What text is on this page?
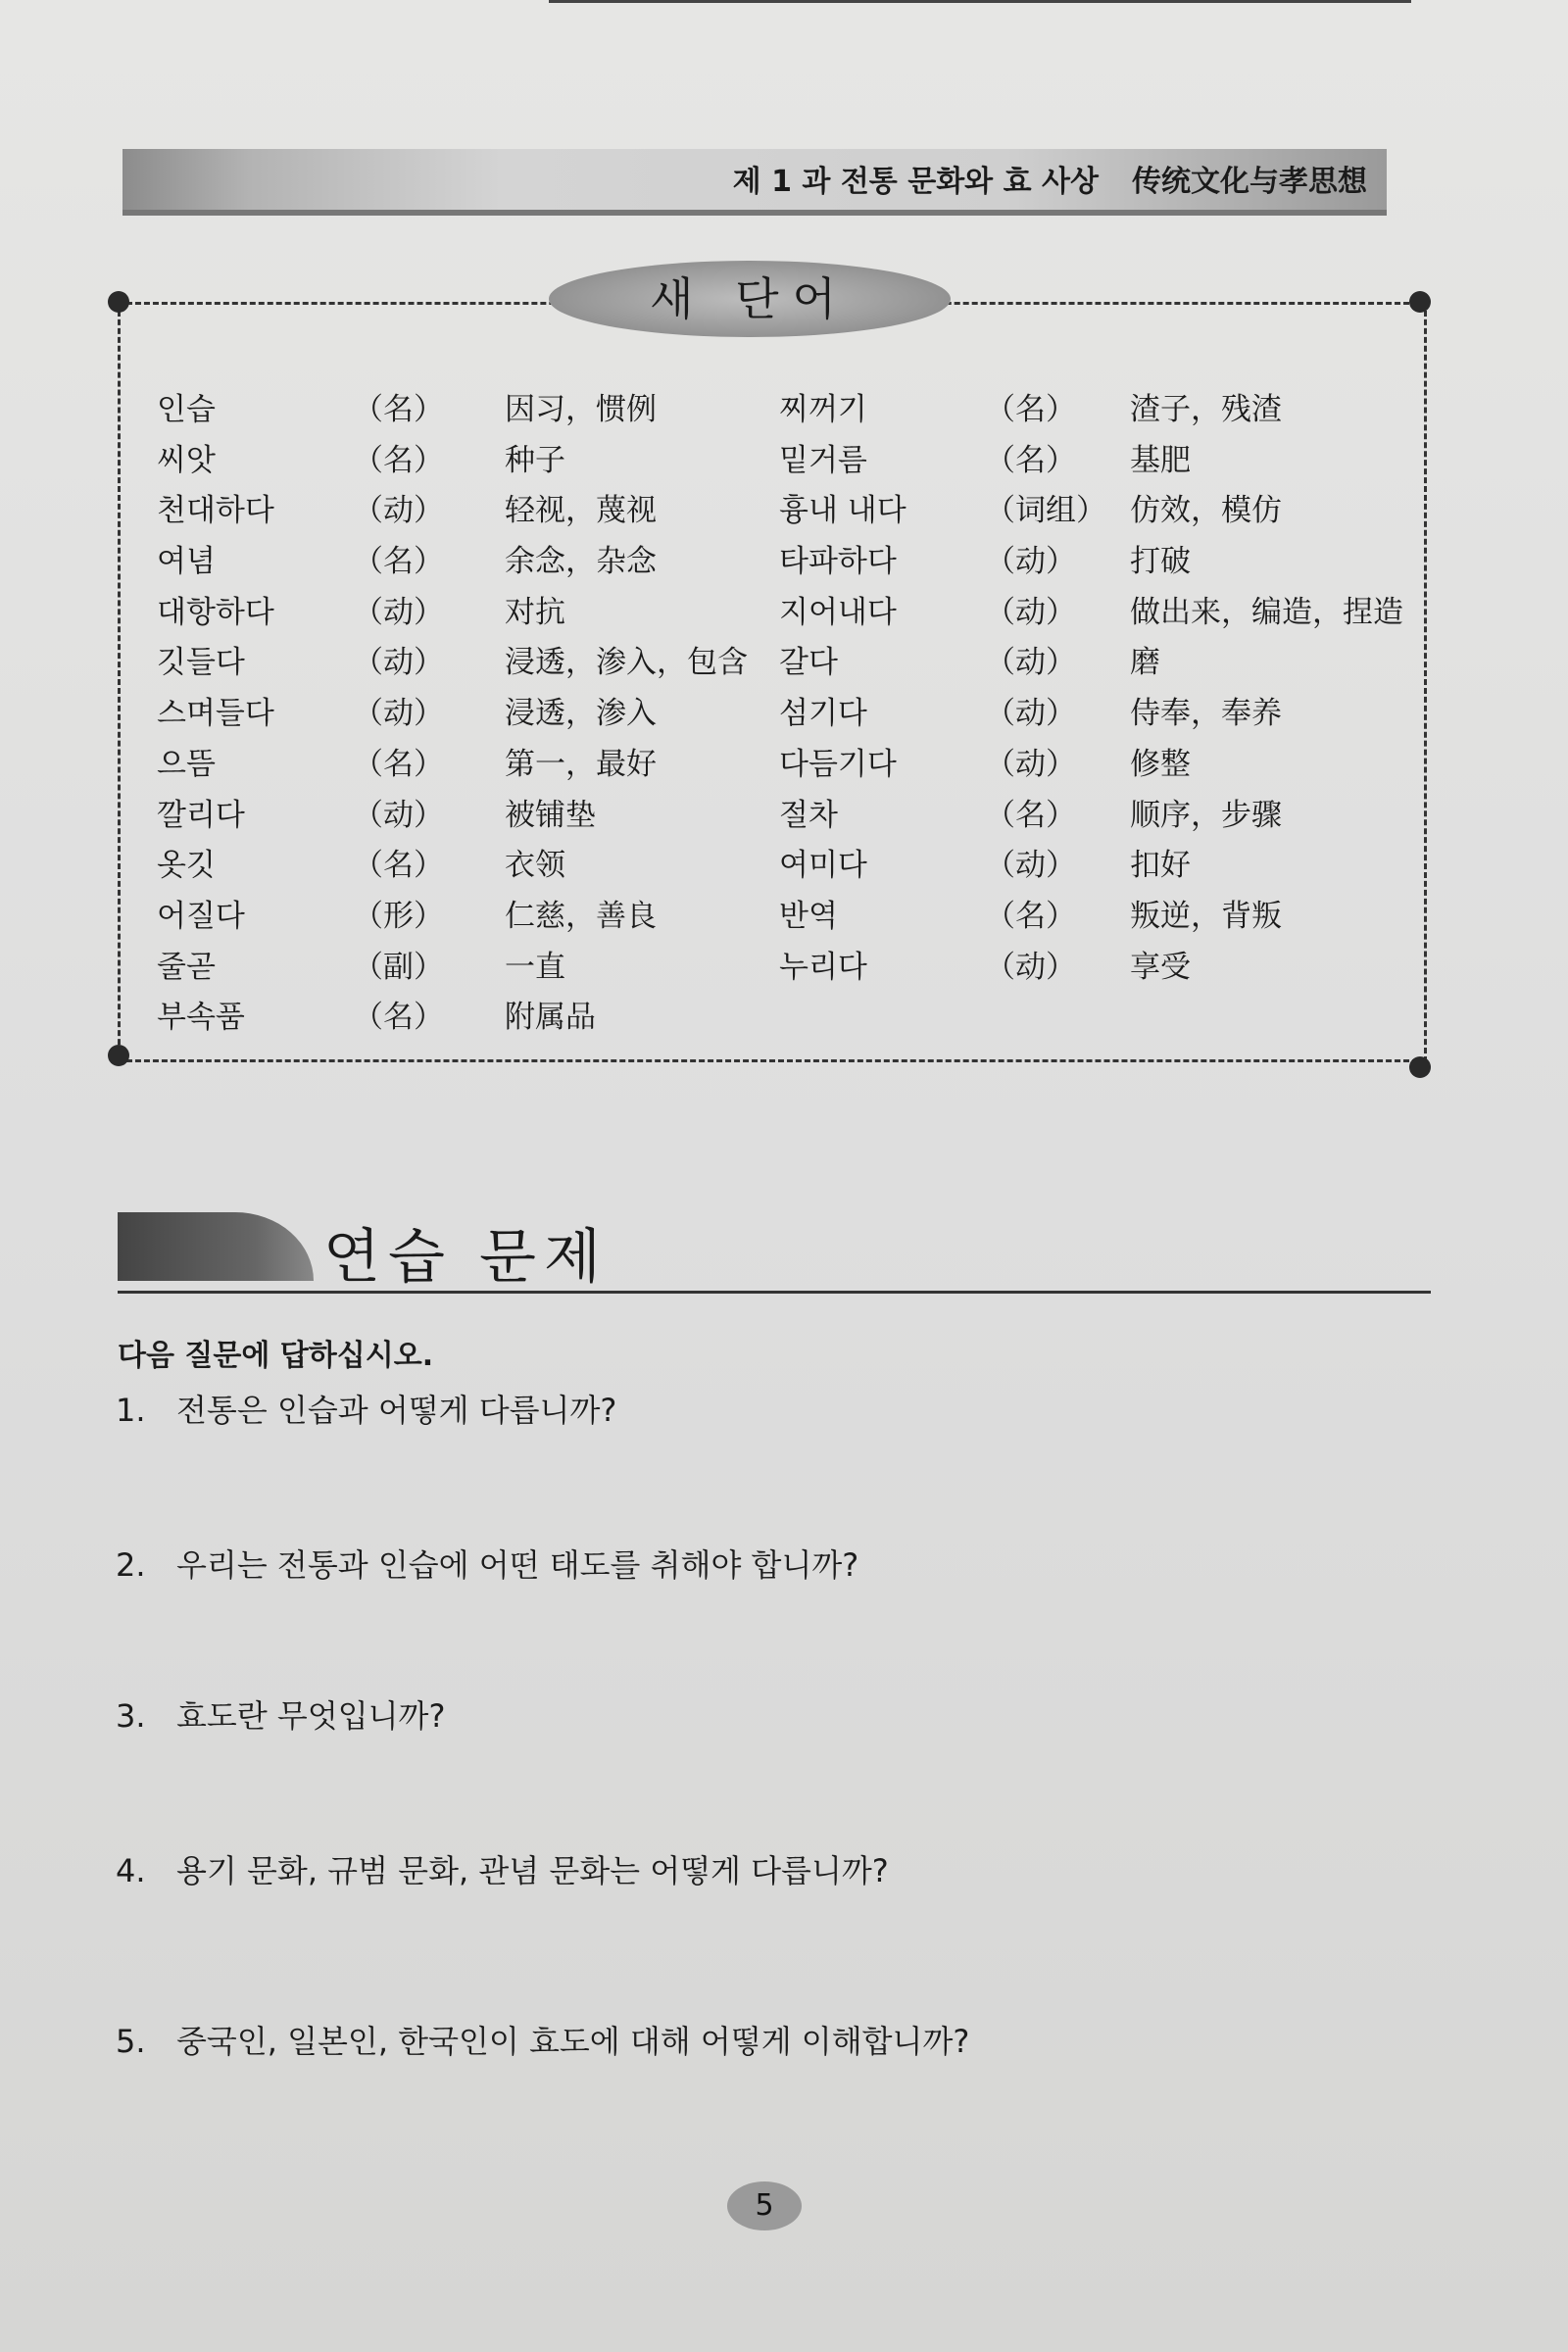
제 1 과 전통 문화와 효 사상 传统文化与孝思想
새 단어
인습	（名） 因习，惯例	찌꺼기	（名） 渣子，残渣
씨앗	（名） 种子	밑거름	（名） 基肥
천대하다	（动） 轻视，蔑视	흉내 내다	（词组） 仿效，模仿
여념	（名） 余念，杂念	타파하다	（动） 打破
대항하다	（动） 对抗	지어내다	（动） 做出来，编造，捏造
깃들다	（动） 浸透，渗入，包含 갈다	（动） 磨
스며들다	（动） 浸透，渗入	섬기다	（动） 侍奉，奉养
으뜸	（名） 第一，最好	다듬기다	（动） 修整
깔리다	（动） 被铺垫	절차	（名） 顺序，步骤
옷깃	（名） 衣领	여미다	（动） 扣好
어질다	（形） 仁慈，善良	반역	（名） 叛逆，背叛
줄곧	（副） 一直	누리다	（动） 享受
부속품	（名） 附属品
연습 문제
다음 질문에 답하십시오.
1. 전통은 인습과 어떻게 다릅니까?
2. 우리는 전통과 인습에 어떤 태도를 취해야 합니까?
3. 효도란 무엇입니까?
4. 용기 문화, 규범 문화, 관념 문화는 어떻게 다릅니까?
5. 중국인, 일본인, 한국인이 효도에 대해 어떻게 이해합니까?
5
